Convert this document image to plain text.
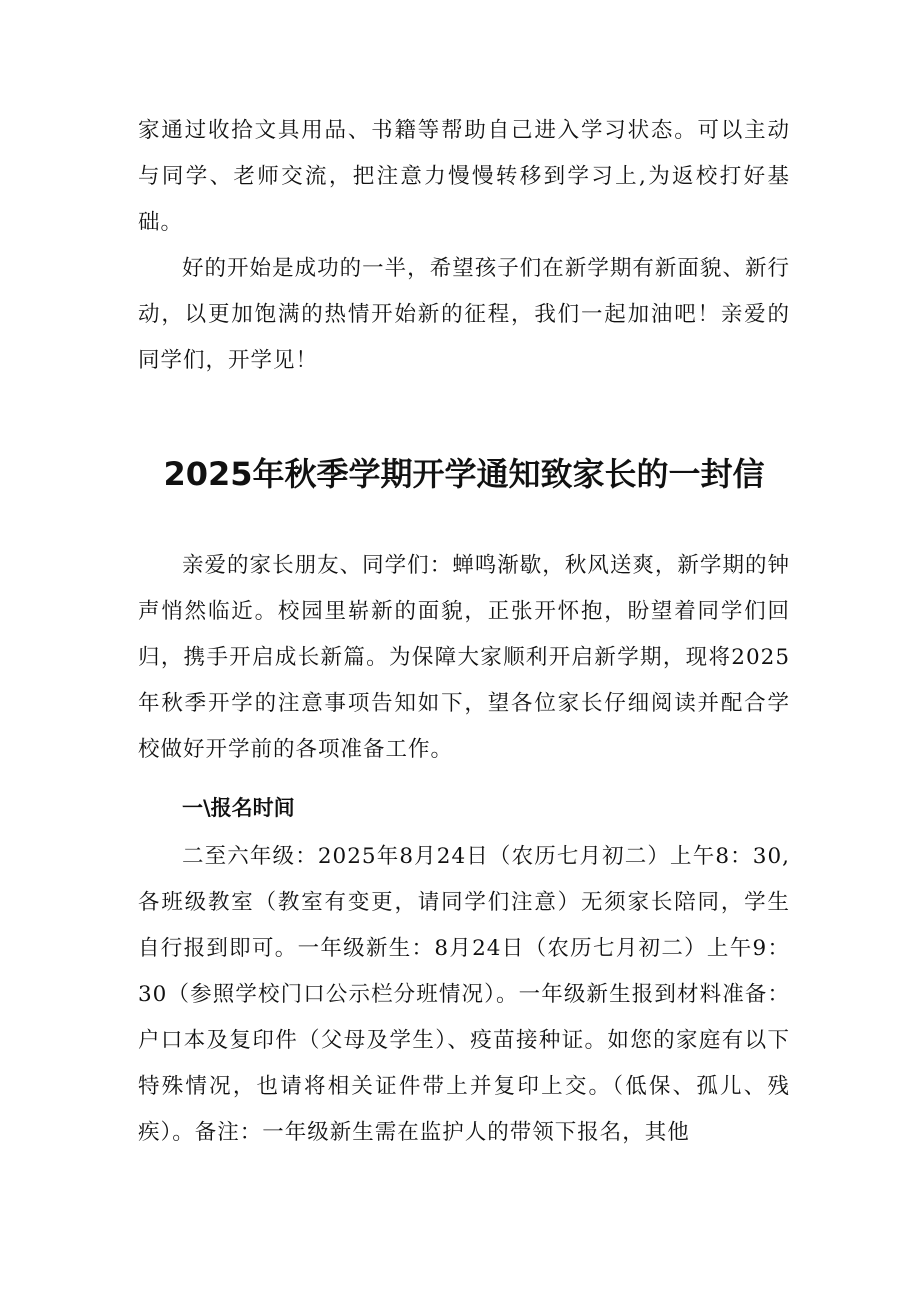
家通过收拾文具用品、书籍等帮助自己进入学习状态。可以主动与同学、老师交流，把注意力慢慢转移到学习上,为返校打好基础。

好的开始是成功的一半，希望孩子们在新学期有新面貌、新行动，以更加饱满的热情开始新的征程，我们一起加油吧！亲爱的同学们，开学见！

2025年秋季学期开学通知致家长的一封信

亲爱的家长朋友、同学们：蝉鸣渐歇，秋风送爽，新学期的钟声悄然临近。校园里崭新的面貌，正张开怀抱，盼望着同学们回归，携手开启成长新篇。为保障大家顺利开启新学期，现将2025年秋季开学的注意事项告知如下，望各位家长仔细阅读并配合学校做好开学前的各项准备工作。

一\报名时间

二至六年级：2025年8月24日（农历七月初二）上午8：30,各班级教室（教室有变更，请同学们注意）无须家长陪同，学生自行报到即可。一年级新生：8月24日（农历七月初二）上午9：30（参照学校门口公示栏分班情况）。一年级新生报到材料准备：户口本及复印件（父母及学生）、疫苗接种证。如您的家庭有以下特殊情况，也请将相关证件带上并复印上交。（低保、孤儿、残疾）。备注：一年级新生需在监护人的带领下报名，其他
